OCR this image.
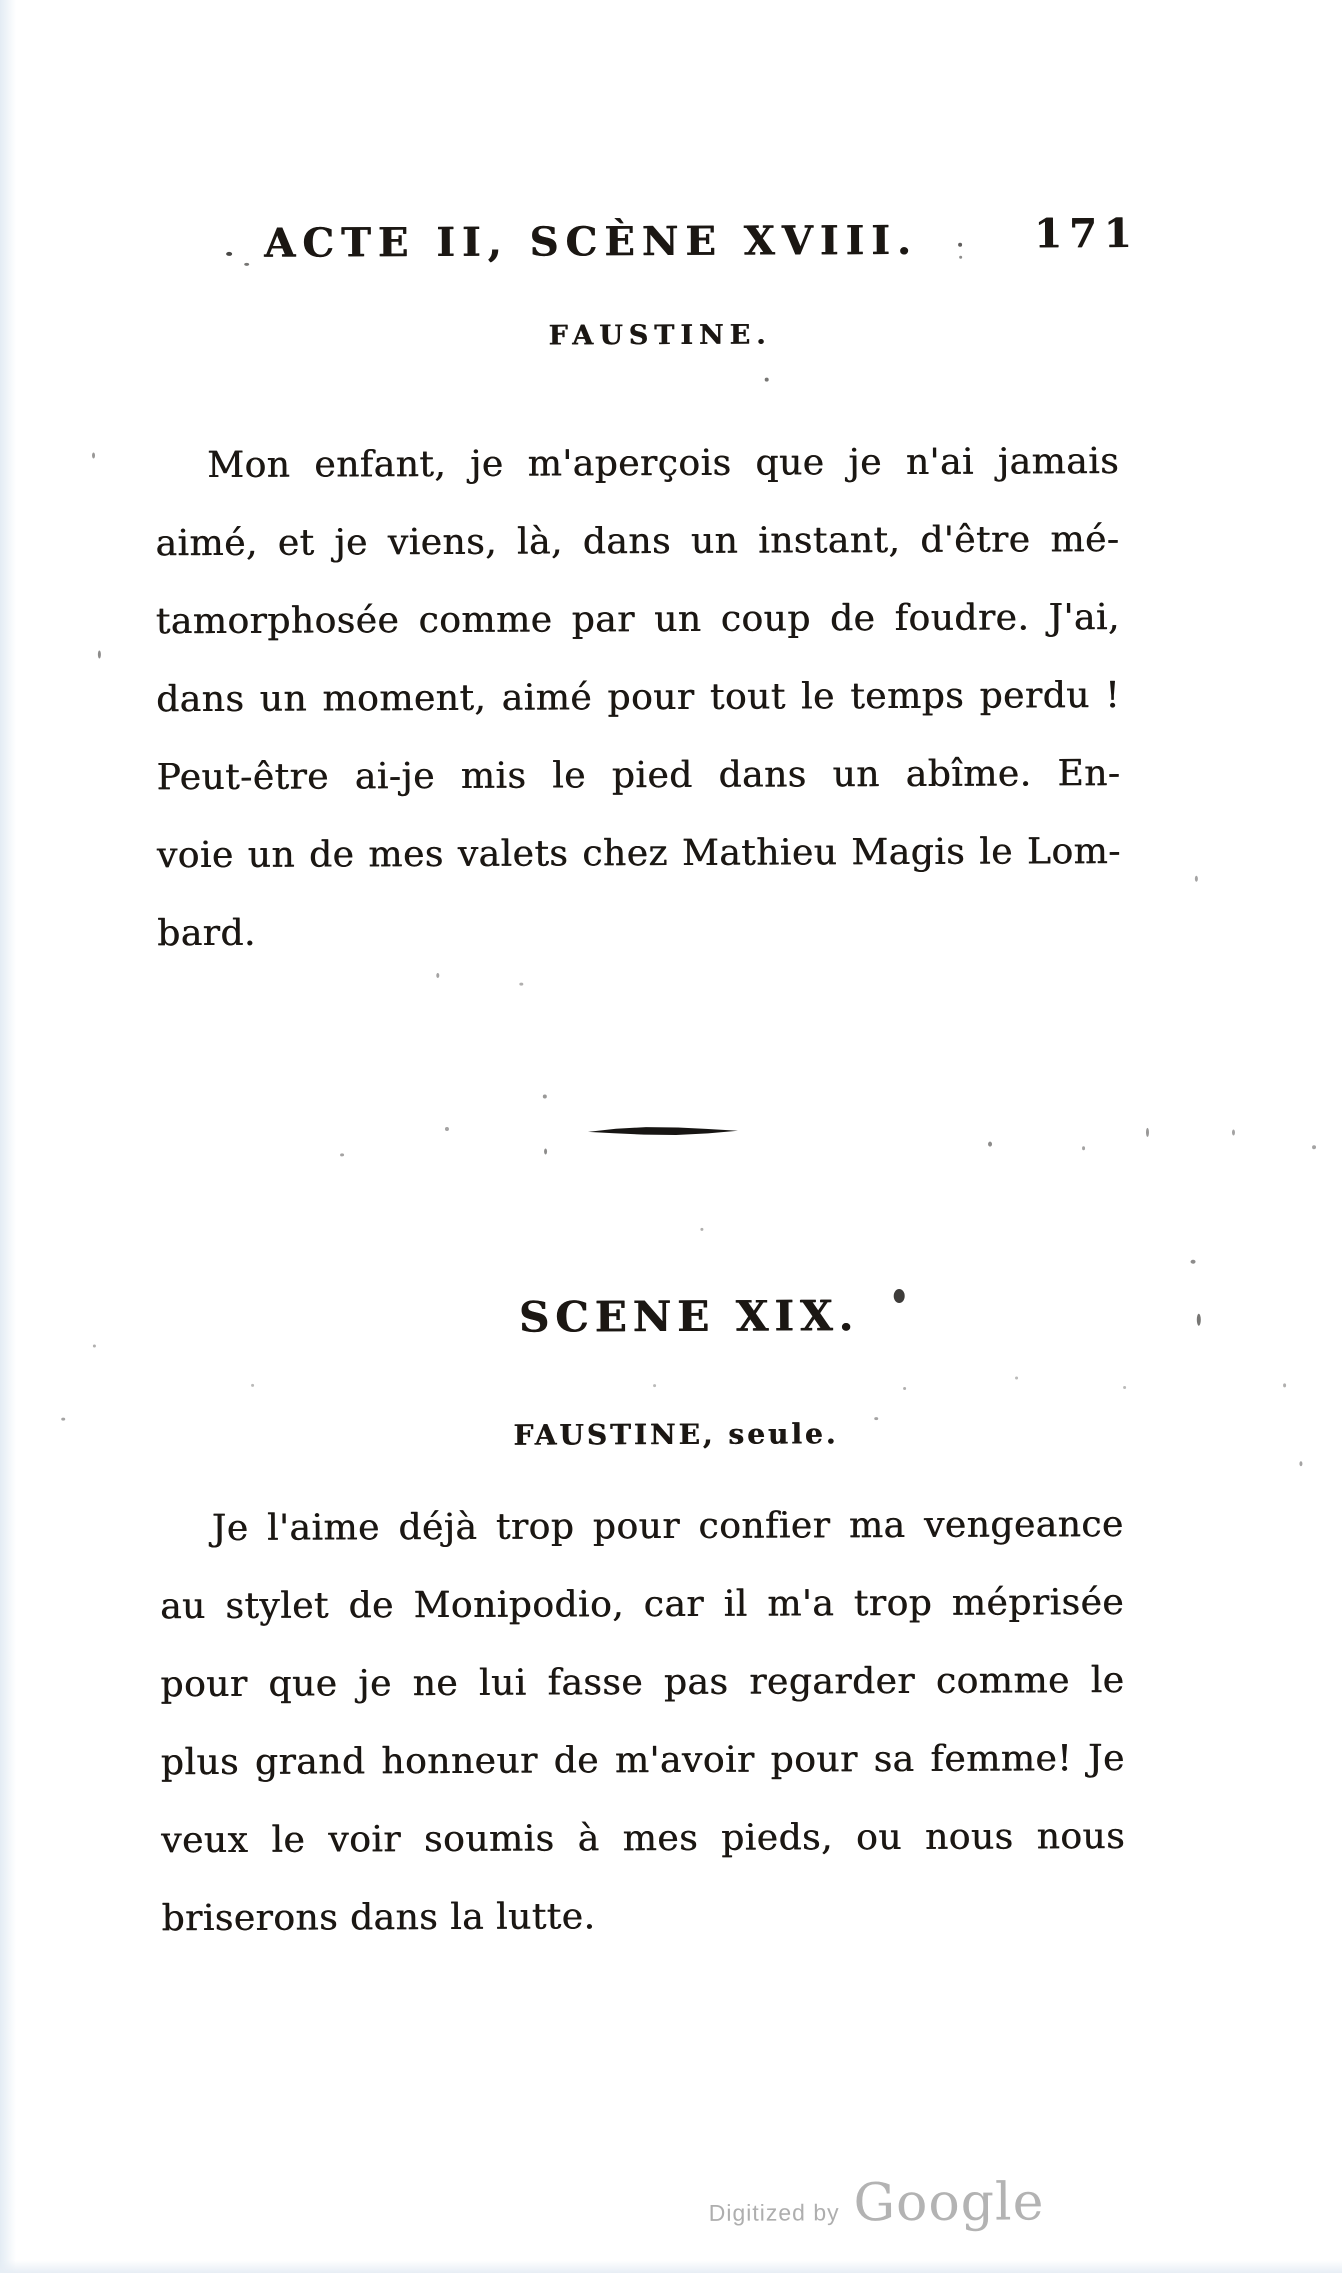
ACTE II, SCÈNE XVIII.	171
FAUSTINE.
Mon enfant, je m'aperçois que je n'ai jamais
aimé, et je viens, là, dans un instant, d'être mé-
tamorphosée comme par un coup de foudre. J'ai,
dans un moment, aimé pour tout le temps perdu !
Peut-être ai-je mis le pied dans un abîme. En-
voie un de mes valets chez Mathieu Magis le Lom-
bard.
SCENE XIX.
FAUSTINE, seule.
Je l'aime déjà trop pour confier ma vengeance
au stylet de Monipodio, car il m'a trop méprisée
pour que je ne lui fasse pas regarder comme le
plus grand honneur de m'avoir pour sa femme! Je
veux le voir soumis à mes pieds, ou nous nous
briserons dans la lutte.
Digitized by Google
